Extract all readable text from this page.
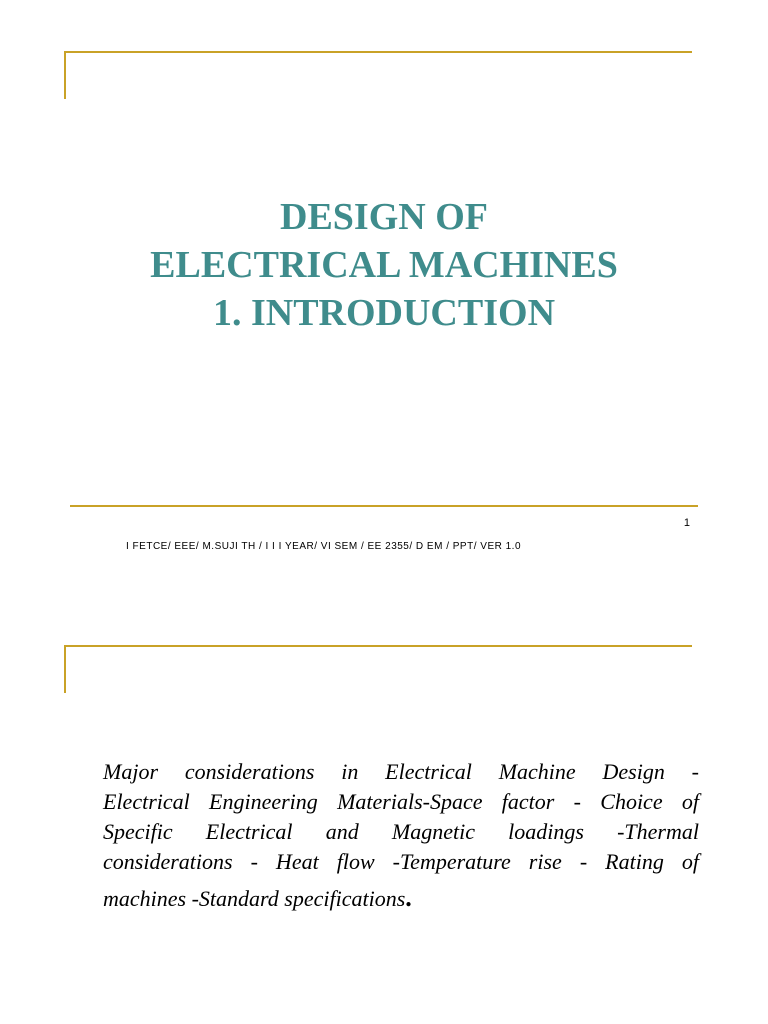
DESIGN OF
ELECTRICAL MACHINES
1. INTRODUCTION
1
I FETCE/ EEE/ M.SUJI TH / I I I YEAR/ VI SEM / EE 2355/ D EM / PPT/ VER 1.0
Major considerations in Electrical Machine Design -
Electrical Engineering Materials-Space factor - Choice of
Specific Electrical and Magnetic loadings -Thermal
considerations - Heat flow -Temperature rise - Rating of
machines -Standard specifications.
